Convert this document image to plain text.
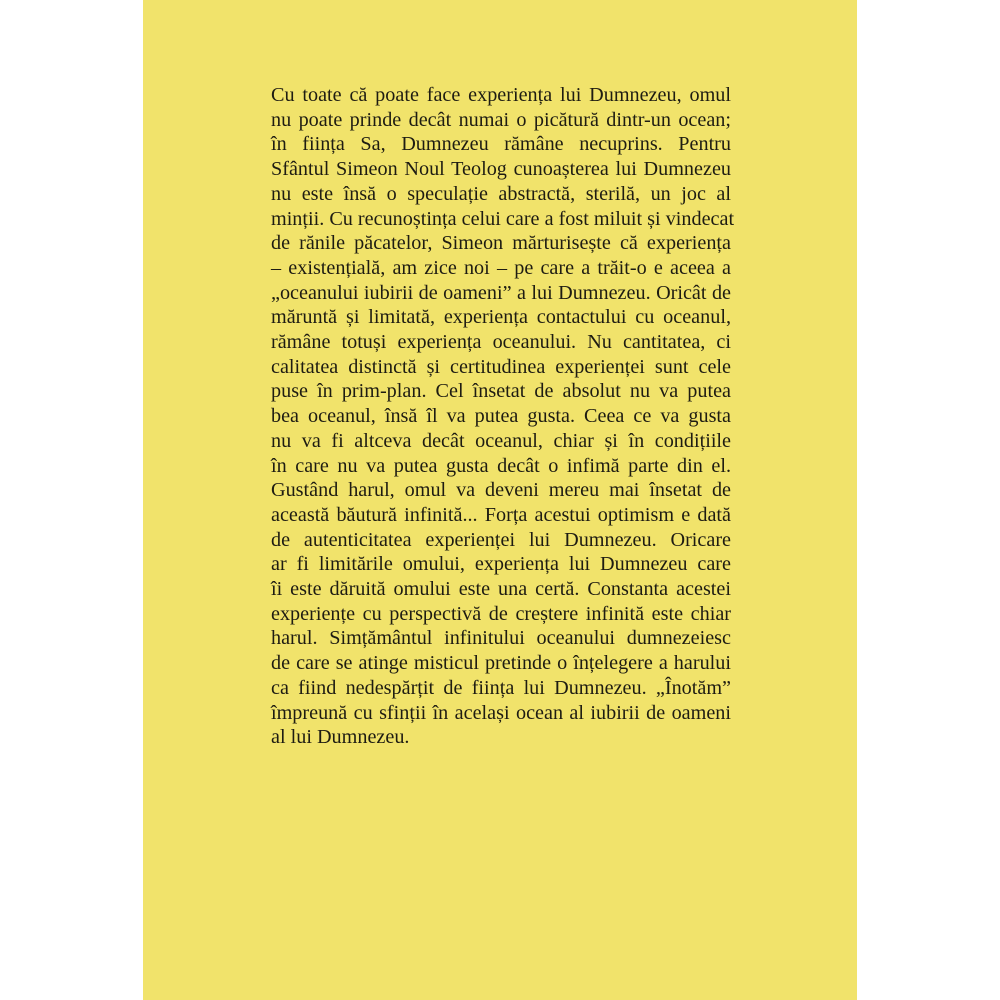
Cu toate că poate face experiența lui Dumnezeu, omul
nu poate prinde decât numai o picătură dintr-un ocean;
în ființa Sa, Dumnezeu rămâne necuprins. Pentru
Sfântul Simeon Noul Teolog cunoașterea lui Dumnezeu
nu este însă o speculație abstractă, sterilă, un joc al
minții. Cu recunoștința celui care a fost miluit și vindecat
de rănile păcatelor, Simeon mărturisește că experiența
– existențială, am zice noi – pe care a trăit-o e aceea a
„oceanului iubirii de oameni” a lui Dumnezeu. Oricât de
măruntă și limitată, experiența contactului cu oceanul,
rămâne totuși experiența oceanului. Nu cantitatea, ci
calitatea distinctă și certitudinea experienței sunt cele
puse în prim-plan. Cel însetat de absolut nu va putea
bea oceanul, însă îl va putea gusta. Ceea ce va gusta
nu va fi altceva decât oceanul, chiar și în condițiile
în care nu va putea gusta decât o infimă parte din el.
Gustând harul, omul va deveni mereu mai însetat de
această băutură infinită... Forța acestui optimism e dată
de autenticitatea experienței lui Dumnezeu. Oricare
ar fi limitările omului, experiența lui Dumnezeu care
îi este dăruită omului este una certă. Constanta acestei
experiențe cu perspectivă de creștere infinită este chiar
harul. Simțământul infinitului oceanului dumnezeiesc
de care se atinge misticul pretinde o înțelegere a harului
ca fiind nedespărțit de ființa lui Dumnezeu. „Înotăm”
împreună cu sfinții în același ocean al iubirii de oameni
al lui Dumnezeu.
